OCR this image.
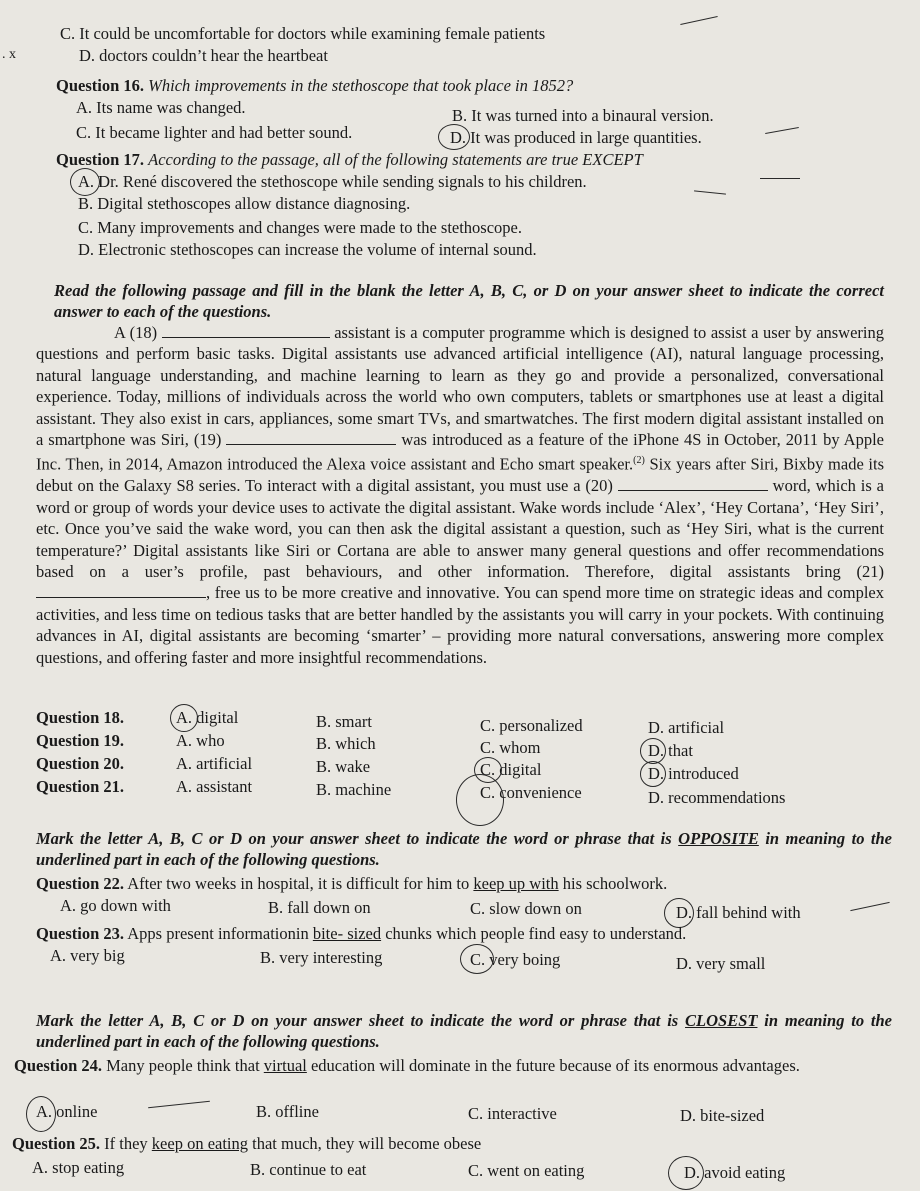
C. It could be uncomfortable for doctors while examining female patients
. x	D. doctors couldn’t hear the heartbeat
Question 16. Which improvements in the stethoscope that took place in 1852?
A. Its name was changed.	B. It was turned into a binaural version.
C. It became lighter and had better sound.	D. It was produced in large quantities.
Question 17. According to the passage, all of the following statements are true EXCEPT
A. Dr. René discovered the stethoscope while sending signals to his children.
B. Digital stethoscopes allow distance diagnosing.
C. Many improvements and changes were made to the stethoscope.
D. Electronic stethoscopes can increase the volume of internal sound.
Read the following passage and fill in the blank the letter A, B, C, or D on your answer sheet to indicate the correct answer to each of the questions.
A (18)	assistant is a computer programme which is designed to assist a user by answering questions and perform basic tasks. Digital assistants use advanced artificial intelligence (AI), natural language processing, natural language understanding, and machine learning to learn as they go and provide a personalized, conversational experience. Today, millions of individuals across the world who own computers, tablets or smartphones use at least a digital assistant. They also exist in cars, appliances, some smart TVs, and smartwatches. The first modern digital assistant installed on a smartphone was Siri, (19)	was introduced as a feature of the iPhone 4S in October, 2011 by Apple Inc. Then, in 2014, Amazon introduced the Alexa voice assistant and Echo smart speaker.$^{(2)}$ Six years after Siri, Bixby made its debut on the Galaxy S8 series. To interact with a digital assistant, you must use a (20)	word, which is a word or group of words your device uses to activate the digital assistant. Wake words include ‘Alex’, ‘Hey Cortana’, ‘Hey Siri’, etc. Once you’ve said the wake word, you can then ask the digital assistant a question, such as ‘Hey Siri, what is the current temperature?’ Digital assistants like Siri or Cortana are able to answer many general questions and offer recommendations based on a user’s profile, past behaviours, and other information. Therefore, digital assistants bring (21) , free us to be more creative and innovative. You can spend more time on strategic ideas and complex activities, and less time on tedious tasks that are better handled by the assistants you will carry in your pockets. With continuing advances in AI, digital assistants are becoming ‘smarter’ – providing more natural conversations, answering more complex questions, and offering faster and more insightful recommendations.
Question 18.	A. digital	B. smart	C. personalized	D. artificial
Question 19.	A. who	B. which	C. whom	D. that
Question 20.	A. artificial	B. wake	C. digital	D. introduced
Question 21.	A. assistant	B. machine	C. convenience	D. recommendations
Mark the letter A, B, C or D on your answer sheet to indicate the word or phrase that is OPPOSITE in meaning to the underlined part in each of the following questions.
Question 22. After two weeks in hospital, it is difficult for him to keep up with his schoolwork.
A. go down with	B. fall down on	C. slow down on	D. fall behind with
Question 23. Apps present informationin bite- sized chunks which people find easy to understand.
A. very big	B. very interesting	C. very boing	D. very small
Mark the letter A, B, C or D on your answer sheet to indicate the word or phrase that is CLOSEST in meaning to the underlined part in each of the following questions.
Question 24. Many people think that virtual education will dominate in the future because of its enormous advantages.
A. online	B. offline	C. interactive	D. bite-sized
Question 25. If they keep on eating that much, they will become obese
A. stop eating	B. continue to eat	C. went on eating	D. avoid eating
